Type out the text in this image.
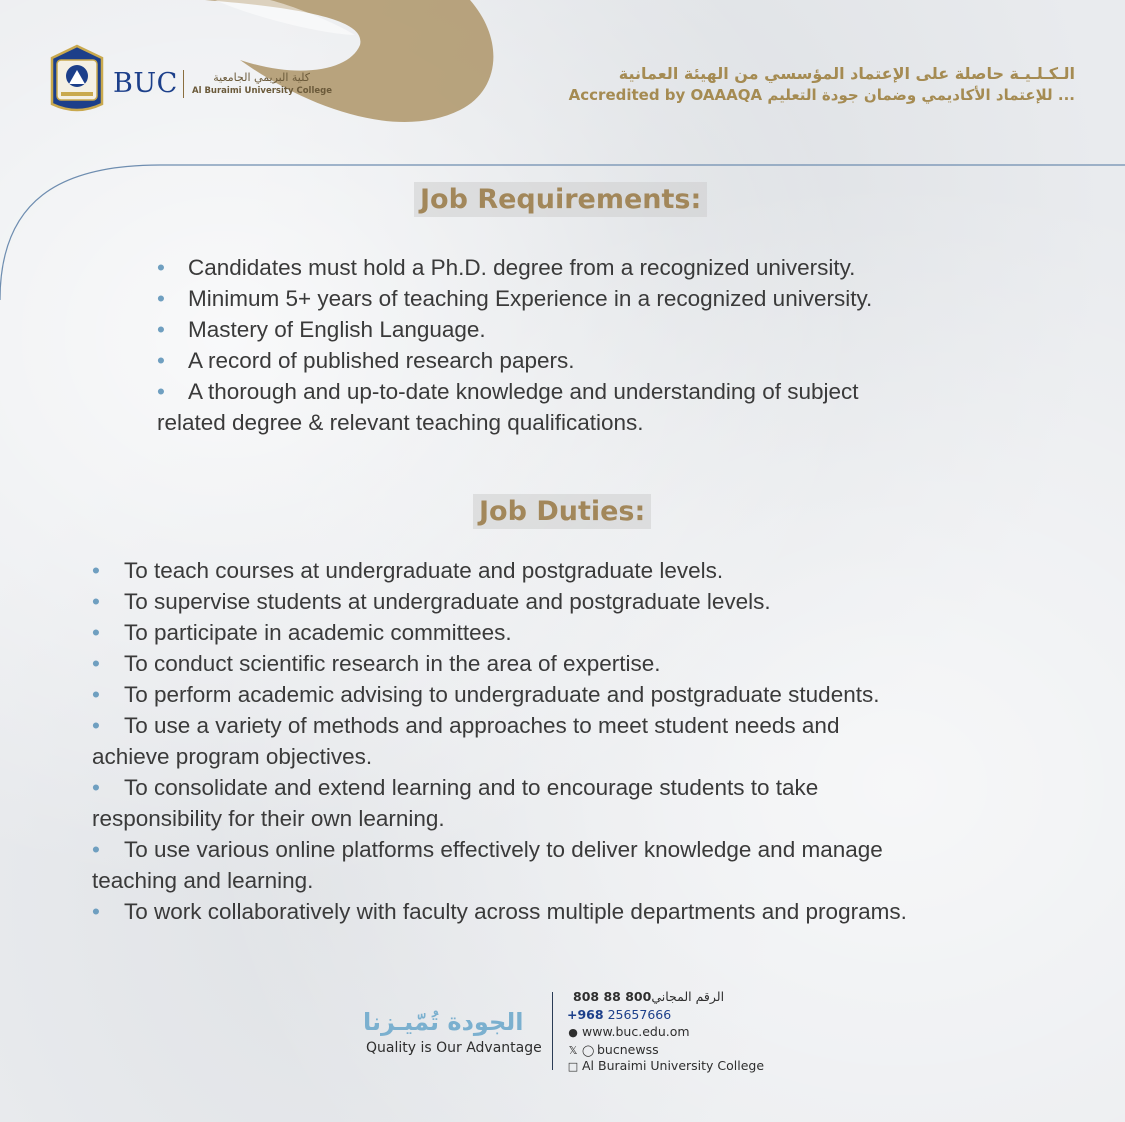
BUC	كلية البريمي الجامعية
Al Buraimi University College
الـكـلـيـة حاصلة على الإعتماد المؤسسي من الهيئة العمانية
Accredited by OAAAQA للإعتماد الأكاديمي وضمان جودة التعليم ...
Job Requirements:
• Candidates must hold a Ph.D. degree from a recognized university.
• Minimum 5+ years of teaching Experience in a recognized university.
• Mastery of English Language.
• A record of published research papers.
• A thorough and up-to-date knowledge and understanding of subject
related degree & relevant teaching qualifications.
Job Duties:
• To teach courses at undergraduate and postgraduate levels.
• To supervise students at undergraduate and postgraduate levels.
• To participate in academic committees.
• To conduct scientific research in the area of expertise.
• To perform academic advising to undergraduate and postgraduate students.
• To use a variety of methods and approaches to meet student needs and
achieve program objectives.
• To consolidate and extend learning and to encourage students to take
responsibility for their own learning.
• To use various online platforms effectively to deliver knowledge and manage
teaching and learning.
• To work collaboratively with faculty across multiple departments and programs.
الجودة تُمّيـزنا
Quality is Our Advantage
الرقم المجاني800 88 808
+968 25657666
● www.buc.edu.om
𝕏 ◯ bucnewss
□ Al Buraimi University College
